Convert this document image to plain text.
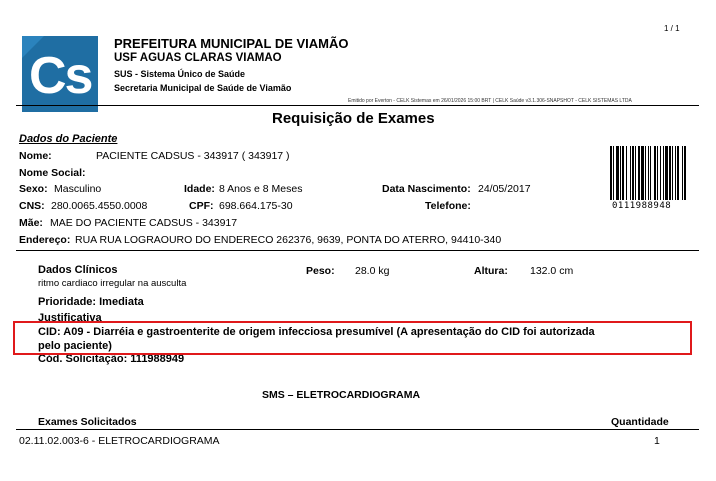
1 / 1
Cs
PREFEITURA MUNICIPAL DE VIAMÃO
USF AGUAS CLARAS VIAMAO
SUS - Sistema Único de Saúde
Secretaria Municipal de Saúde de Viamão
Emitido por Everton - CELK Sistemas em 26/01/2026 15:00 BRT | CELK Saúde v3.1.306-SNAPSHOT - CELK SISTEMAS LTDA
Requisição de Exames
Dados do Paciente
Nome:	PACIENTE CADSUS - 343917 ( 343917 )
Nome Social:
Sexo: Masculino	Idade: 8 Anos e 8 Meses	Data Nascimento: 24/05/2017
CNS: 280.0065.4550.0008	CPF: 698.664.175-30	Telefone:
Mãe: MAE DO PACIENTE CADSUS - 343917
Endereço: RUA RUA LOGRAOURO DO ENDERECO 262376, 9639, PONTA DO ATERRO, 94410-340
0111988948
Dados Clínicos
ritmo cardiaco irregular na ausculta
Peso: 28.0 kg	Altura: 132.0 cm
Prioridade: Imediata
Justificativa
CID: A09 - Diarréia e gastroenterite de origem infecciosa presumível (A apresentação do CID foi autorizada
pelo paciente)
Cód. Solicitação: 111988949
SMS – ELETROCARDIOGRAMA
Exames Solicitados	Quantidade
02.11.02.003-6 - ELETROCARDIOGRAMA	1
